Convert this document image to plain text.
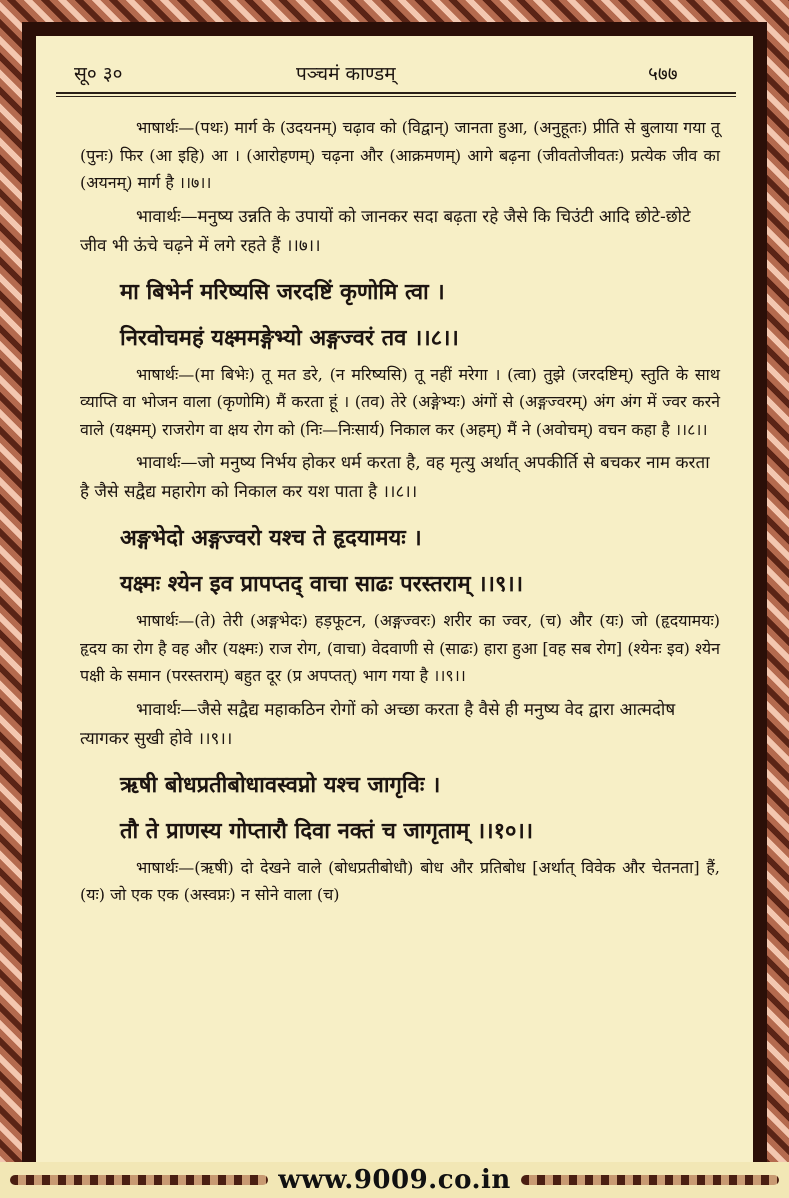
सू० ३०	पञ्चमं काण्डम्	५७७
भाषार्थः—(पथः) मार्ग के (उदयनम्) चढ़ाव को (विद्वान्) जानता हुआ, (अनुहूतः) प्रीति से बुलाया गया तू (पुनः) फिर (आ इहि) आ । (आरोहणम्) चढ़ना और (आक्रमणम्) आगे बढ़ना (जीवतोजीवतः) प्रत्येक जीव का (अयनम्) मार्ग है ।।७।।
भावार्थः—मनुष्य उन्नति के उपायों को जानकर सदा बढ़ता रहे जैसे कि चिउंटी आदि छोटे-छोटे जीव भी ऊंचे चढ़ने में लगे रहते हैं ।।७।।
मा बिभेर्न मरिष्यसि जरदष्टिं कृणोमि त्वा ।
निरवोचमहं यक्ष्ममङ्गेभ्यो अङ्गज्वरं तव ।।८।।
भाषार्थः—(मा बिभेः) तू मत डरे, (न मरिष्यसि) तू नहीं मरेगा । (त्वा) तुझे (जरदष्टिम्) स्तुति के साथ व्याप्ति वा भोजन वाला (कृणोमि) मैं करता हूं । (तव) तेरे (अङ्गेभ्यः) अंगों से (अङ्गज्वरम्) अंग अंग में ज्वर करने वाले (यक्ष्मम्) राजरोग वा क्षय रोग को (निः—निःसार्य) निकाल कर (अहम्) मैं ने (अवोचम्) वचन कहा है ।।८।।
भावार्थः—जो मनुष्य निर्भय होकर धर्म करता है, वह मृत्यु अर्थात् अपकीर्ति से बचकर नाम करता है जैसे सद्वैद्य महारोग को निकाल कर यश पाता है ।।८।।
अङ्गभेदो अङ्गज्वरो यश्च ते हृदयामयः ।
यक्ष्मः श्येन इव प्रापप्तद् वाचा साढः परस्तराम् ।।९।।
भाषार्थः—(ते) तेरी (अङ्गभेदः) हड़फूटन, (अङ्गज्वरः) शरीर का ज्वर, (च) और (यः) जो (हृदयामयः) हृदय का रोग है वह और (यक्ष्मः) राज रोग, (वाचा) वेदवाणी से (साढः) हारा हुआ [वह सब रोग] (श्येनः इव) श्येन पक्षी के समान (परस्तराम्) बहुत दूर (प्र अपप्तत्) भाग गया है ।।९।।
भावार्थः—जैसे सद्वैद्य महाकठिन रोगों को अच्छा करता है वैसे ही मनुष्य वेद द्वारा आत्मदोष त्यागकर सुखी होवे ।।९।।
ऋषी बोधप्रतीबोधावस्वप्नो यश्च जागृविः ।
तौ ते प्राणस्य गोप्तारौ दिवा नक्तं च जागृताम् ।।१०।।
भाषार्थः—(ऋषी) दो देखने वाले (बोधप्रतीबोधौ) बोध और प्रतिबोध [अर्थात् विवेक और चेतनता] हैं, (यः) जो एक एक (अस्वप्नः) न सोने वाला (च)
www.9009.co.in
